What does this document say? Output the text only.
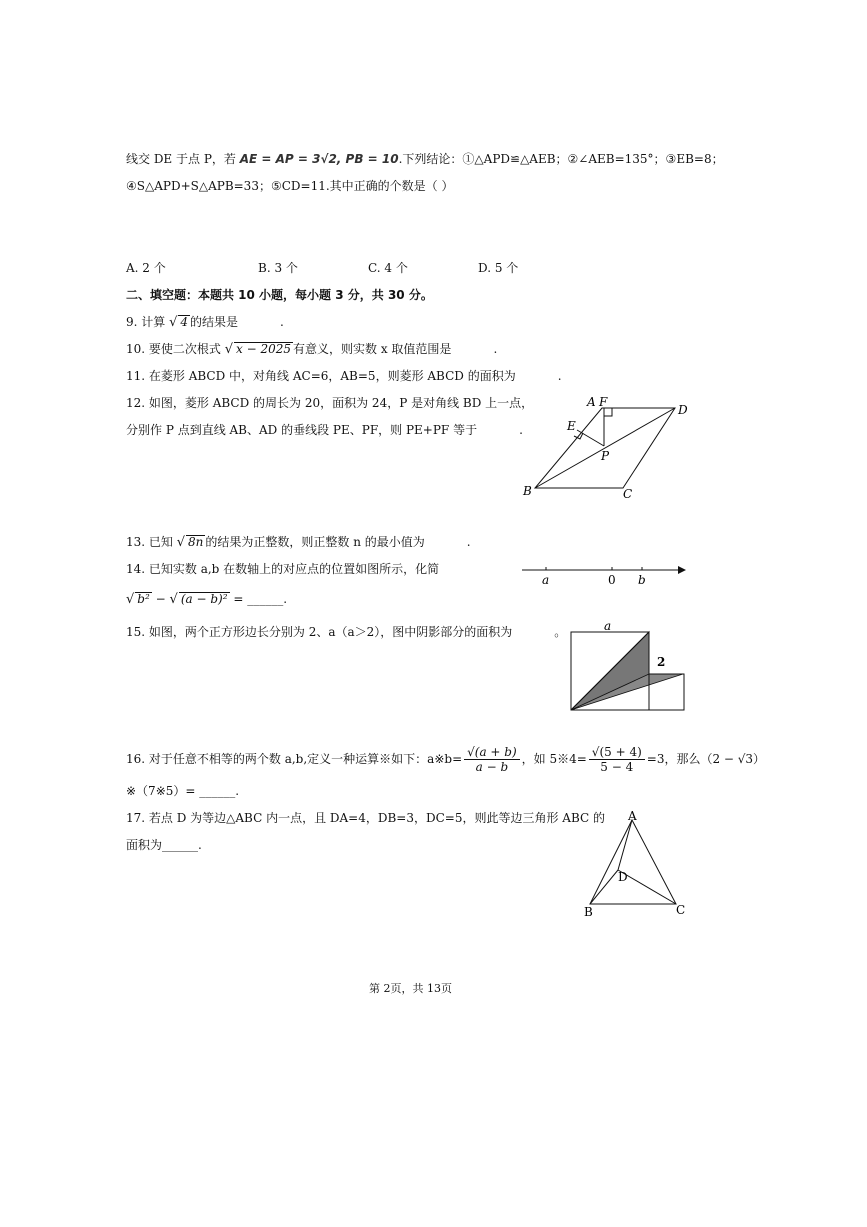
线交 DE 于点 P，若 AE = AP = 3√2, PB = 10.下列结论：①△APD≌△AEB；②∠AEB=135°；③EB=8；
④S△APD+S△APB=33；⑤CD=11.其中正确的个数是（ ）
A. 2 个	B. 3 个	C. 4 个	D. 5 个
二、填空题：本题共 10 小题，每小题 3 分，共 30 分。
9. 计算 √ 4 的结果是	.
10. 要使二次根式 √ x − 2025 有意义，则实数 x 取值范围是	.
11. 在菱形 ABCD 中，对角线 AC=6，AB=5，则菱形 ABCD 的面积为	.
12. 如图，菱形 ABCD 的周长为 20，面积为 24，P 是对角线 BD 上一点，
分别作 P 点到直线 AB、AD 的垂线段 PE、PF，则 PE+PF 等于	.
A F
D
E
P
B	C
13. 已知 √ 8n 的结果为正整数，则正整数 n 的最小值为	.
14. 已知实数 a,b 在数轴上的对应点的位置如图所示，化简
√ b² − √ (a − b)² = ______.
a	0 b
15. 如图，两个正方形边长分别为 2、a（a＞2），图中阴影部分的面积为	。	a
2
16. 对于任意不相等的两个数 a,b,定义一种运算※如下：a※b= $\frac{√(a + b)}{a - b}$ ，如 5※4= $\frac{√(5 + 4)}{5 - 4} =3$，那么（2 − √3）
※（7※5）= ______.
17. 若点 D 为等边△ABC 内一点，且 DA=4，DB=3，DC=5，则此等边三角形 ABC 的
面积为______.
A
B	C
D
第 2页，共 13页
